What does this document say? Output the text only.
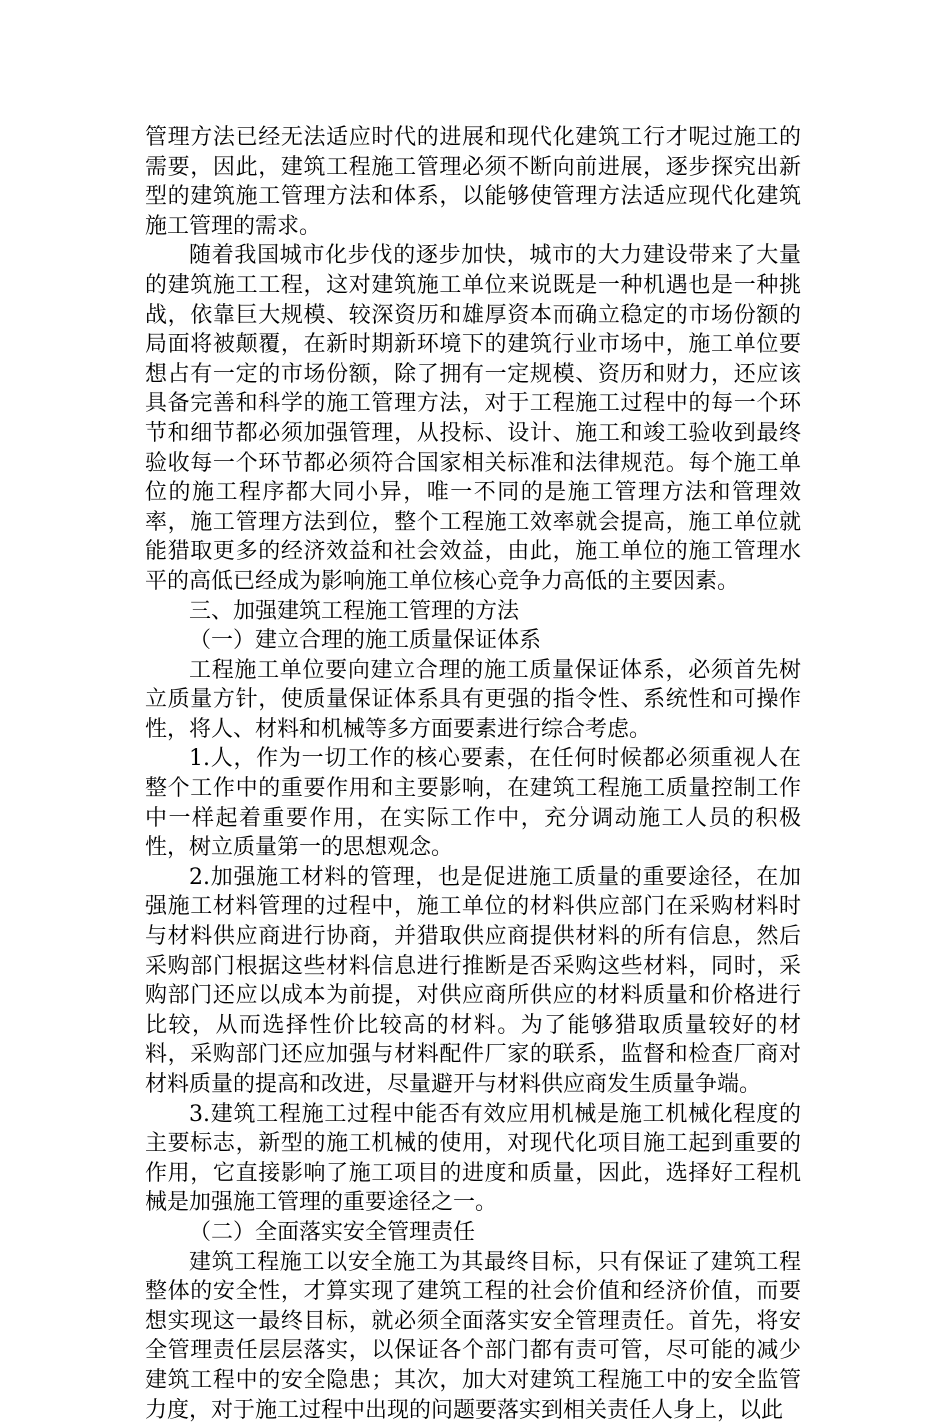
管理方法已经无法适应时代的进展和现代化建筑工行才呢过施工的需要，因此，建筑工程施工管理必须不断向前进展，逐步探究出新型的建筑施工管理方法和体系，以能够使管理方法适应现代化建筑施工管理的需求。

随着我国城市化步伐的逐步加快，城市的大力建设带来了大量的建筑施工工程，这对建筑施工单位来说既是一种机遇也是一种挑战，依靠巨大规模、较深资历和雄厚资本而确立稳定的市场份额的局面将被颠覆，在新时期新环境下的建筑行业市场中，施工单位要想占有一定的市场份额，除了拥有一定规模、资历和财力，还应该具备完善和科学的施工管理方法，对于工程施工过程中的每一个环节和细节都必须加强管理，从投标、设计、施工和竣工验收到最终验收每一个环节都必须符合国家相关标准和法律规范。每个施工单位的施工程序都大同小异，唯一不同的是施工管理方法和管理效率，施工管理方法到位，整个工程施工效率就会提高，施工单位就能猎取更多的经济效益和社会效益，由此，施工单位的施工管理水平的高低已经成为影响施工单位核心竞争力高低的主要因素。

三、加强建筑工程施工管理的方法

（一）建立合理的施工质量保证体系

工程施工单位要向建立合理的施工质量保证体系，必须首先树立质量方针，使质量保证体系具有更强的指令性、系统性和可操作性，将人、材料和机械等多方面要素进行综合考虑。

1.人，作为一切工作的核心要素，在任何时候都必须重视人在整个工作中的重要作用和主要影响，在建筑工程施工质量控制工作中一样起着重要作用，在实际工作中，充分调动施工人员的积极性，树立质量第一的思想观念。

2.加强施工材料的管理，也是促进施工质量的重要途径，在加强施工材料管理的过程中，施工单位的材料供应部门在采购材料时与材料供应商进行协商，并猎取供应商提供材料的所有信息，然后采购部门根据这些材料信息进行推断是否采购这些材料，同时，采购部门还应以成本为前提，对供应商所供应的材料质量和价格进行比较，从而选择性价比较高的材料。为了能够猎取质量较好的材料，采购部门还应加强与材料配件厂家的联系，监督和检查厂商对材料质量的提高和改进，尽量避开与材料供应商发生质量争端。

3.建筑工程施工过程中能否有效应用机械是施工机械化程度的主要标志，新型的施工机械的使用，对现代化项目施工起到重要的作用，它直接影响了施工项目的进度和质量，因此，选择好工程机械是加强施工管理的重要途径之一。

（二）全面落实安全管理责任

建筑工程施工以安全施工为其最终目标，只有保证了建筑工程整体的安全性，才算实现了建筑工程的社会价值和经济价值，而要想实现这一最终目标，就必须全面落实安全管理责任。首先，将安全管理责任层层落实，以保证各个部门都有责可管，尽可能的减少建筑工程中的安全隐患；其次，加大对建筑工程施工中的安全监管力度，对于施工过程中出现的问题要落实到相关责任人身上，以此
